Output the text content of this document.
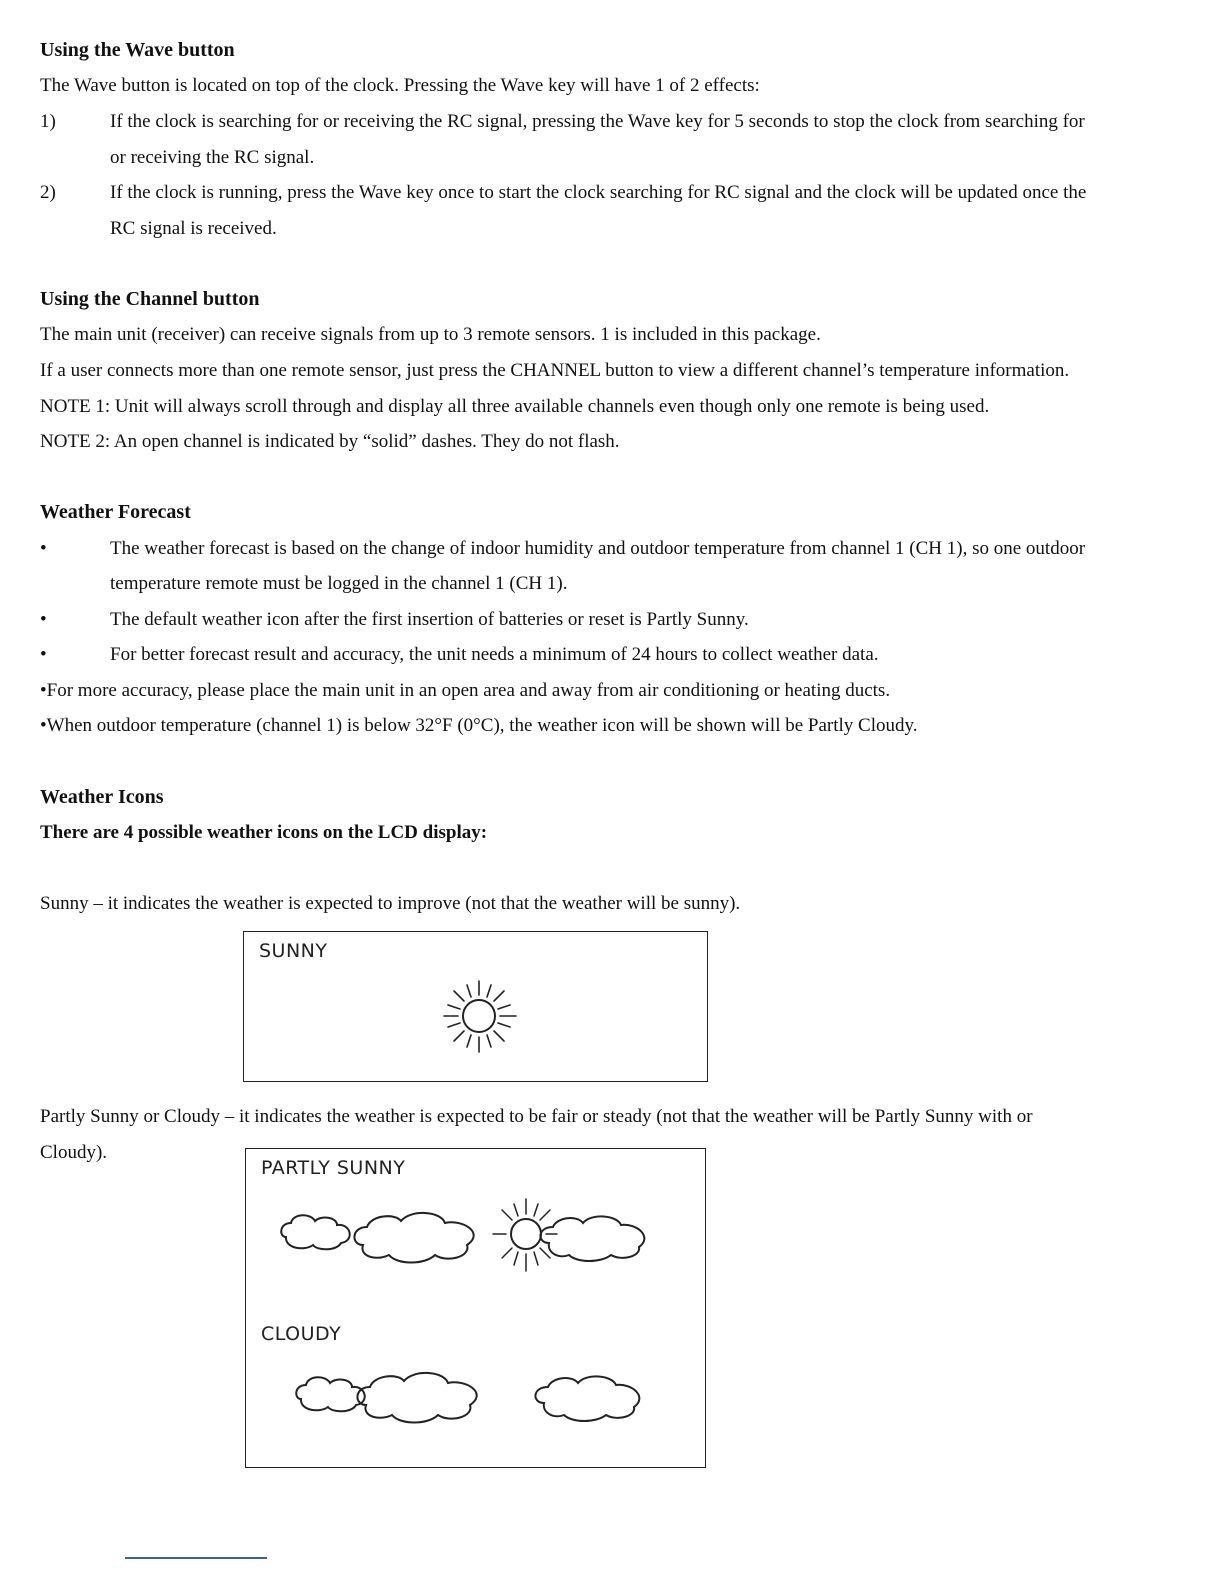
Using the Wave button
The Wave button is located on top of the clock. Pressing the Wave key will have 1 of 2 effects:
1)	If the clock is searching for or receiving the RC signal, pressing the Wave key for 5 seconds to stop the clock from searching for
or receiving the RC signal.
2)	If the clock is running, press the Wave key once to start the clock searching for RC signal and the clock will be updated once the
RC signal is received.
Using the Channel button
The main unit (receiver) can receive signals from up to 3 remote sensors. 1 is included in this package.
If a user connects more than one remote sensor, just press the CHANNEL button to view a different channel’s temperature information.
NOTE 1: Unit will always scroll through and display all three available channels even though only one remote is being used.
NOTE 2: An open channel is indicated by “solid” dashes. They do not flash.
Weather Forecast
•	The weather forecast is based on the change of indoor humidity and outdoor temperature from channel 1 (CH 1), so one outdoor
temperature remote must be logged in the channel 1 (CH 1).
•	The default weather icon after the first insertion of batteries or reset is Partly Sunny.
•	For better forecast result and accuracy, the unit needs a minimum of 24 hours to collect weather data.
•For more accuracy, please place the main unit in an open area and away from air conditioning or heating ducts.
•When outdoor temperature (channel 1) is below 32°F (0°C), the weather icon will be shown will be Partly Cloudy.
Weather Icons
There are 4 possible weather icons on the LCD display:
Sunny – it indicates the weather is expected to improve (not that the weather will be sunny).
SUNNY
Partly Sunny or Cloudy – it indicates the weather is expected to be fair or steady (not that the weather will be Partly Sunny with or
Cloudy).
PARTLY SUNNY
CLOUDY
